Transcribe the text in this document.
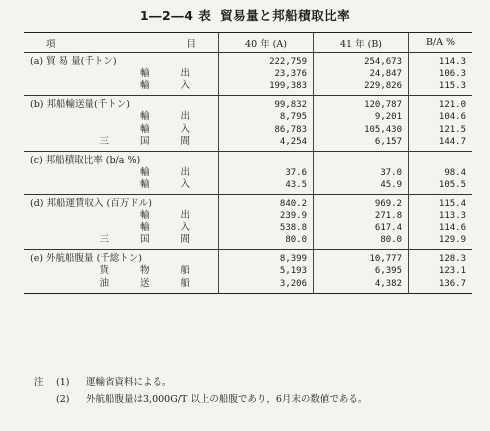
1―2―4 表 貿易量と邦船積取比率
項 目	40 年 (A)	41 年 (B)	B/A %
(a) 貿 易 量(千トン)	222,759	254,673	114.3
輸 出	23,376	24,847	106.3
輸 入	199,383	229,826	115.3
(b) 邦船輸送量(千トン)	99,832	120,787	121.0
輸 出	8,795	9,201	104.6
輸 入	86,783	105,430	121.5
三 国 間	4,254	6,157	144.7
(c) 邦船積取比率 (b/a %)			
輸 出	37.6	37.0	98.4
輸 入	43.5	45.9	105.5
(d) 邦船運賃収入 (百万ドル)	840.2	969.2	115.4
輸 出	239.9	271.8	113.3
輸 入	538.8	617.4	114.6
三 国 間	80.0	80.0	129.9
(e) 外航船腹量 (千総トン)	8,399	10,777	128.3
貨 物 船	5,193	6,395	123.1
油 送 船	3,206	4,382	136.7
注	(1)	運輸省資料による。
(2)	外航船腹量は3,000G/T 以上の船腹であり，6月末の数値である。
